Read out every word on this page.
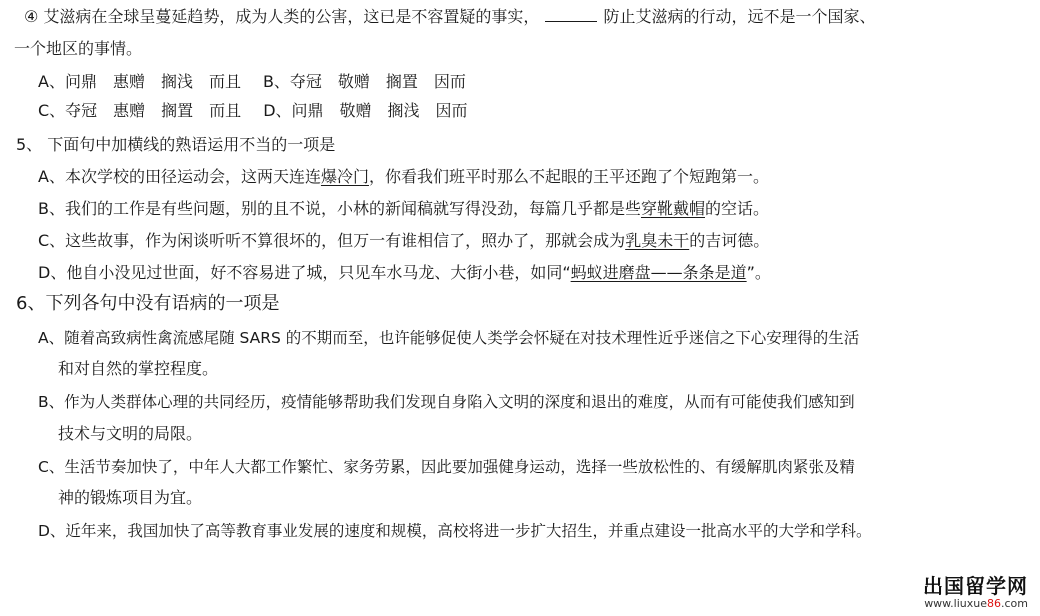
④ 艾滋病在全球呈蔓延趋势，成为人类的公害，这已是不容置疑的事实，	防止艾滋病的行动，远不是一个国家、
一个地区的事情。
A、问鼎　惠赠　搁浅　而且 B、夺冠　敬赠　搁置　因而
C、夺冠　惠赠　搁置　而且 D、问鼎　敬赠　搁浅　因而
5、 下面句中加横线的熟语运用不当的一项是
A、本次学校的田径运动会，这两天连连爆冷门，你看我们班平时那么不起眼的王平还跑了个短跑第一。
B、我们的工作是有些问题，别的且不说，小林的新闻稿就写得没劲，每篇几乎都是些穿靴戴帽的空话。
C、这些故事，作为闲谈听听不算很坏的，但万一有谁相信了，照办了，那就会成为乳臭未干的吉诃德。
D、他自小没见过世面，好不容易进了城，只见车水马龙、大街小巷，如同“蚂蚁进磨盘——条条是道”。
6、下列各句中没有语病的一项是
A、随着高致病性禽流感尾随 SARS 的不期而至，也许能够促使人类学会怀疑在对技术理性近乎迷信之下心安理得的生活
和对自然的掌控程度。
B、作为人类群体心理的共同经历，疫情能够帮助我们发现自身陷入文明的深度和退出的难度，从而有可能使我们感知到
技术与文明的局限。
C、生活节奏加快了，中年人大都工作繁忙、家务劳累，因此要加强健身运动，选择一些放松性的、有缓解肌肉紧张及精
神的锻炼项目为宜。
D、近年来，我国加快了高等教育事业发展的速度和规模，高校将进一步扩大招生，并重点建设一批高水平的大学和学科。
出国留学网
www.liuxue86.com
